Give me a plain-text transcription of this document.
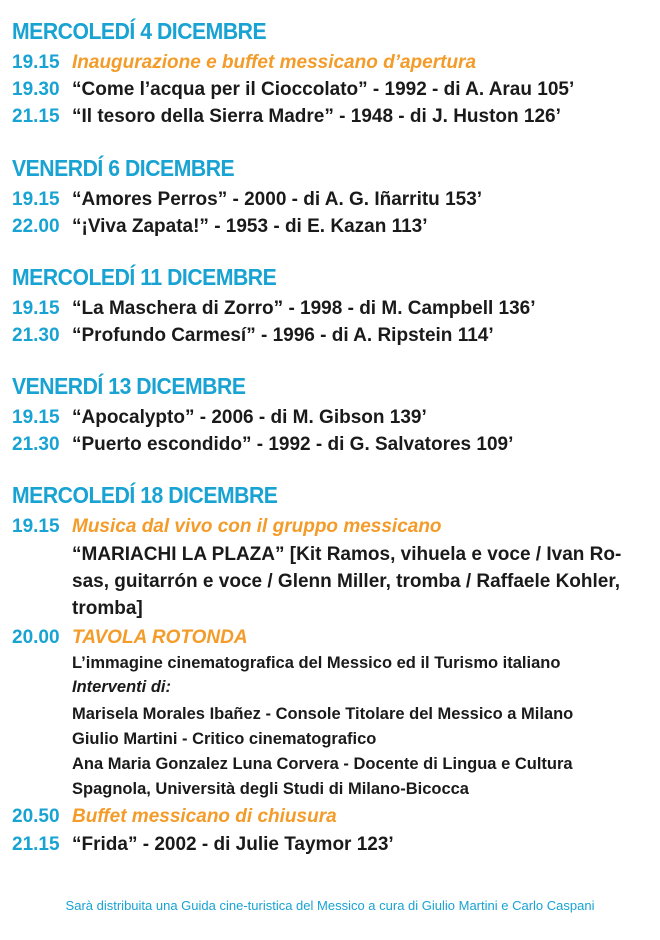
MERCOLEDÍ 4 DICEMBRE
19.15 Inaugurazione e buffet messicano d’apertura
19.30 “Come l’acqua per il Cioccolato” - 1992 - di A. Arau 105’
21.15 “Il tesoro della Sierra Madre” - 1948 - di J. Huston 126’
VENERDÍ 6 DICEMBRE
19.15 “Amores Perros” - 2000 - di A. G. Iñarritu 153’
22.00 “¡Viva Zapata!” - 1953 - di E. Kazan 113’
MERCOLEDÍ 11 DICEMBRE
19.15 “La Maschera di Zorro” - 1998 - di M. Campbell 136’
21.30 “Profundo Carmesí” - 1996 - di A. Ripstein 114’
VENERDÍ 13 DICEMBRE
19.15 “Apocalypto” - 2006 - di M. Gibson 139’
21.30 “Puerto escondido” - 1992 - di G. Salvatores 109’
MERCOLEDÍ 18 DICEMBRE
19.15 Musica dal vivo con il gruppo messicano
“MARIACHI LA PLAZA” [Kit Ramos, vihuela e voce / Ivan Ro-
sas, guitarrón e voce / Glenn Miller, tromba / Raffaele Kohler,
tromba]
20.00 TAVOLA ROTONDA
L’immagine cinematografica del Messico ed il Turismo italiano
Interventi di:
Marisela Morales Ibañez - Console Titolare del Messico a Milano
Giulio Martini - Critico cinematografico
Ana Maria Gonzalez Luna Corvera - Docente di Lingua e Cultura
Spagnola, Università degli Studi di Milano-Bicocca
20.50 Buffet messicano di chiusura
21.15 “Frida” - 2002 - di Julie Taymor 123’
Sarà distribuita una Guida cine-turistica del Messico a cura di Giulio Martini e Carlo Caspani
